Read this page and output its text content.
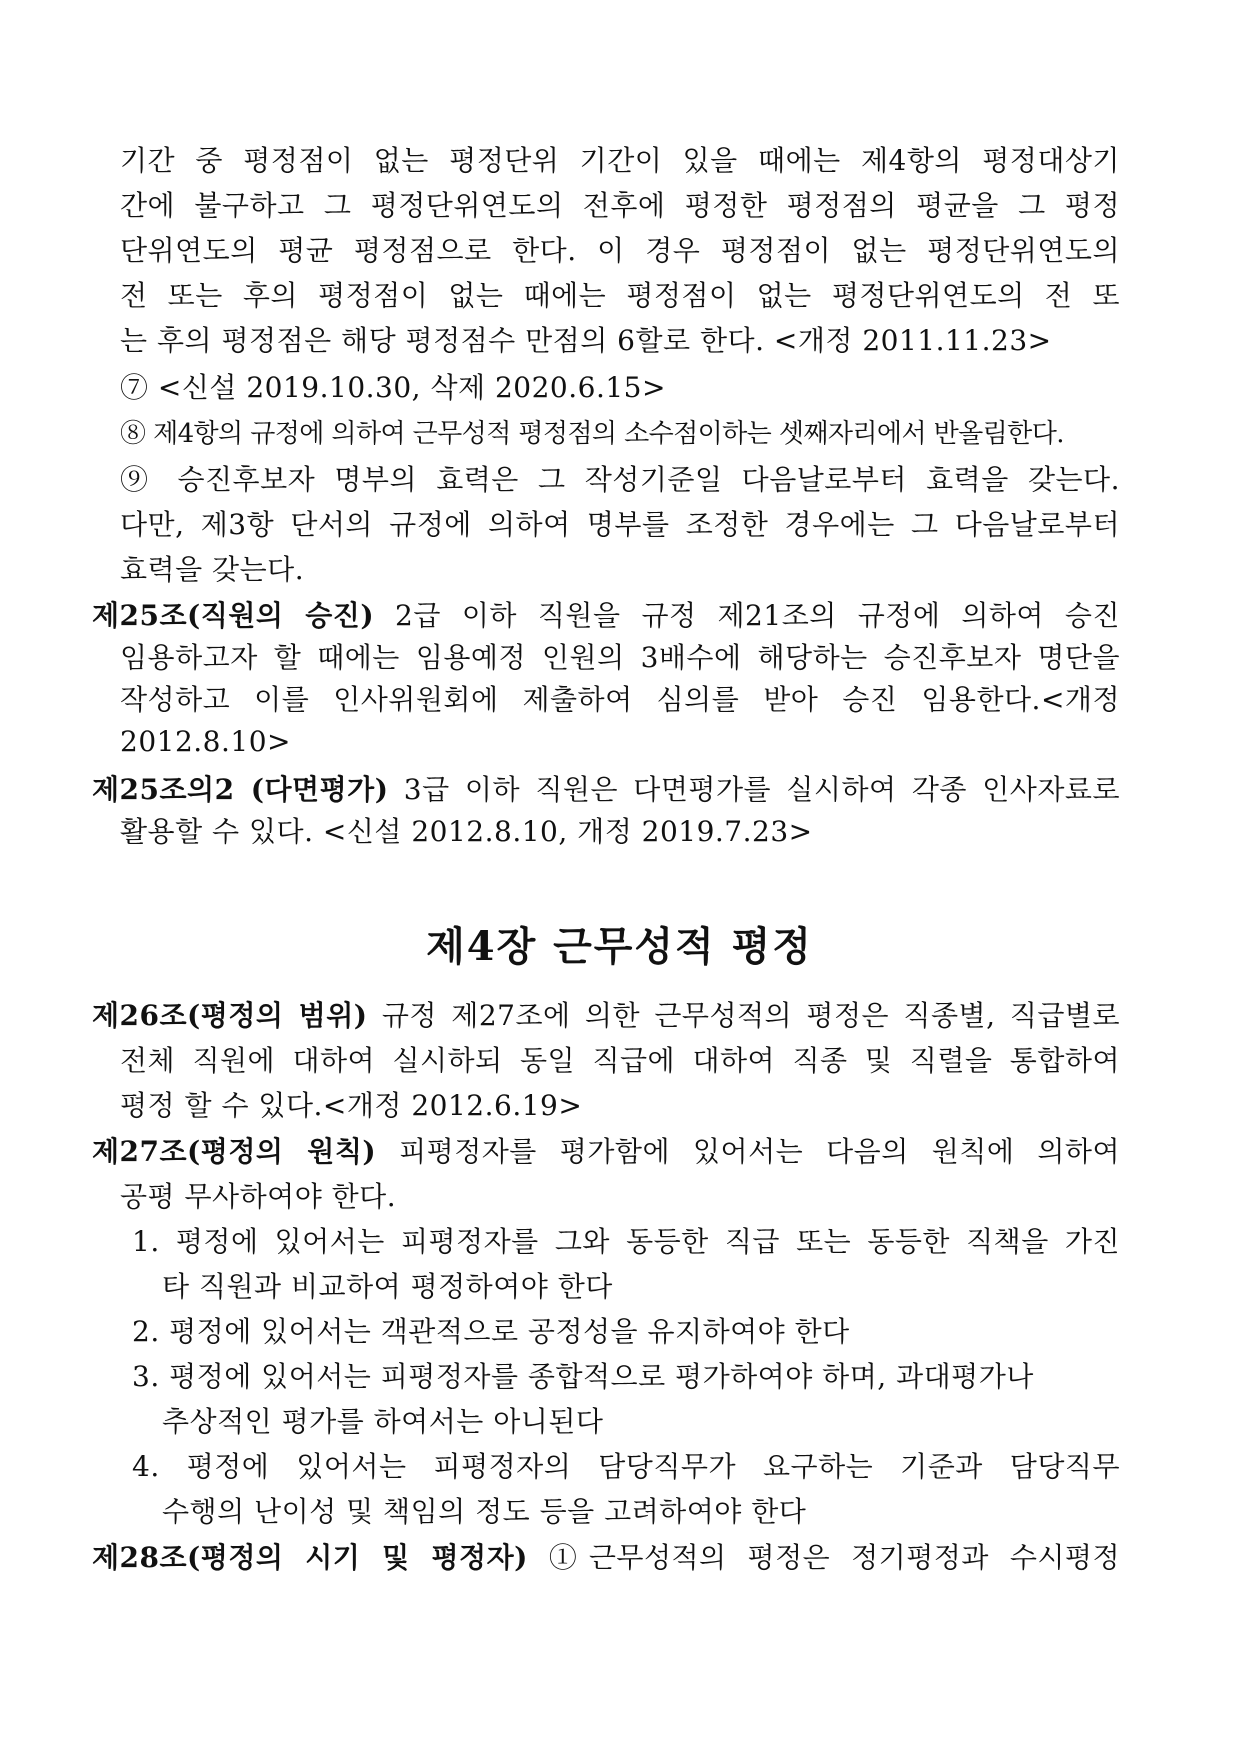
기간 중 평정점이 없는 평정단위 기간이 있을 때에는 제4항의 평정대상기
간에 불구하고 그 평정단위연도의 전후에 평정한 평정점의 평균을 그 평정
단위연도의 평균 평정점으로 한다. 이 경우 평정점이 없는 평정단위연도의
전 또는 후의 평정점이 없는 때에는 평정점이 없는 평정단위연도의 전 또
는 후의 평정점은 해당 평정점수 만점의 6할로 한다. <개정 2011.11.23>
⑦ <신설 2019.10.30, 삭제 2020.6.15>
⑧ 제4항의 규정에 의하여 근무성적 평정점의 소수점이하는 셋째자리에서 반올림한다.
⑨ 승진후보자 명부의 효력은 그 작성기준일 다음날로부터 효력을 갖는다.
다만, 제3항 단서의 규정에 의하여 명부를 조정한 경우에는 그 다음날로부터
효력을 갖는다.
제25조(직원의 승진) 2급 이하 직원을 규정 제21조의 규정에 의하여 승진
임용하고자 할 때에는 임용예정 인원의 3배수에 해당하는 승진후보자 명단을
작성하고 이를 인사위원회에 제출하여 심의를 받아 승진 임용한다.<개정
2012.8.10>
제25조의2 (다면평가) 3급 이하 직원은 다면평가를 실시하여 각종 인사자료로
활용할 수 있다. <신설 2012.8.10, 개정 2019.7.23>
제4장 근무성적 평정
제26조(평정의 범위) 규정 제27조에 의한 근무성적의 평정은 직종별, 직급별로
전체 직원에 대하여 실시하되 동일 직급에 대하여 직종 및 직렬을 통합하여
평정 할 수 있다.<개정 2012.6.19>
제27조(평정의 원칙) 피평정자를 평가함에 있어서는 다음의 원칙에 의하여
공평 무사하여야 한다.
1. 평정에 있어서는 피평정자를 그와 동등한 직급 또는 동등한 직책을 가진
타 직원과 비교하여 평정하여야 한다
2. 평정에 있어서는 객관적으로 공정성을 유지하여야 한다
3. 평정에 있어서는 피평정자를 종합적으로 평가하여야 하며, 과대평가나
추상적인 평가를 하여서는 아니된다
4. 평정에 있어서는 피평정자의 담당직무가 요구하는 기준과 담당직무
수행의 난이성 및 책임의 정도 등을 고려하여야 한다
제28조(평정의 시기 및 평정자) ①근무성적의 평정은 정기평정과 수시평정
